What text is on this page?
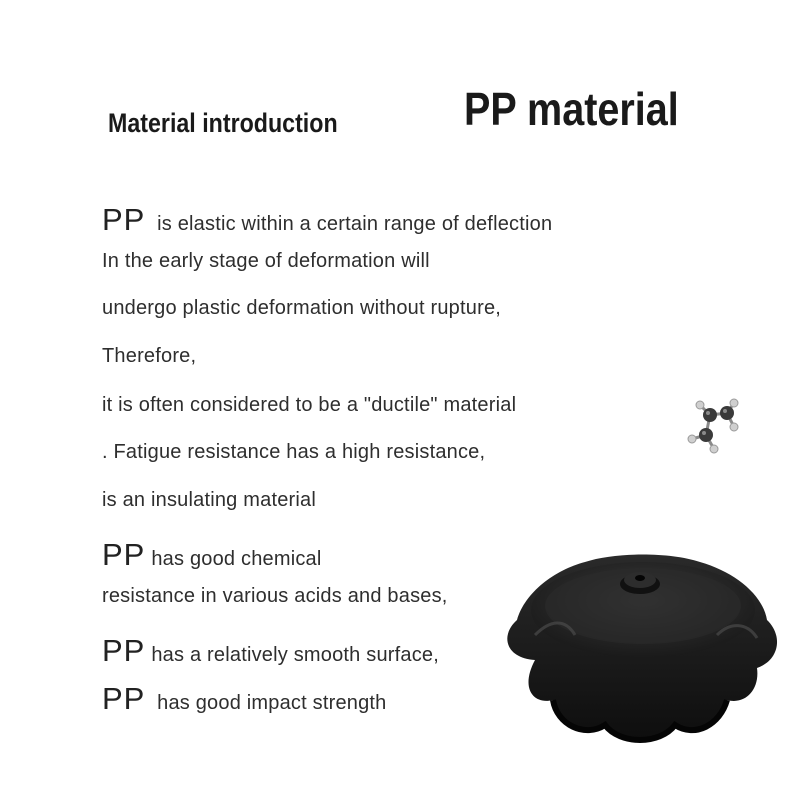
Material introduction	PP material
PP is elastic within a certain range of deflection
In the early stage of deformation will
undergo plastic deformation without rupture,
Therefore,
it is often considered to be a "ductile" material
. Fatigue resistance has a high resistance,
is an insulating material
PP has good chemical
resistance in various acids and bases,
PP has a relatively smooth surface,
PP has good impact strength
